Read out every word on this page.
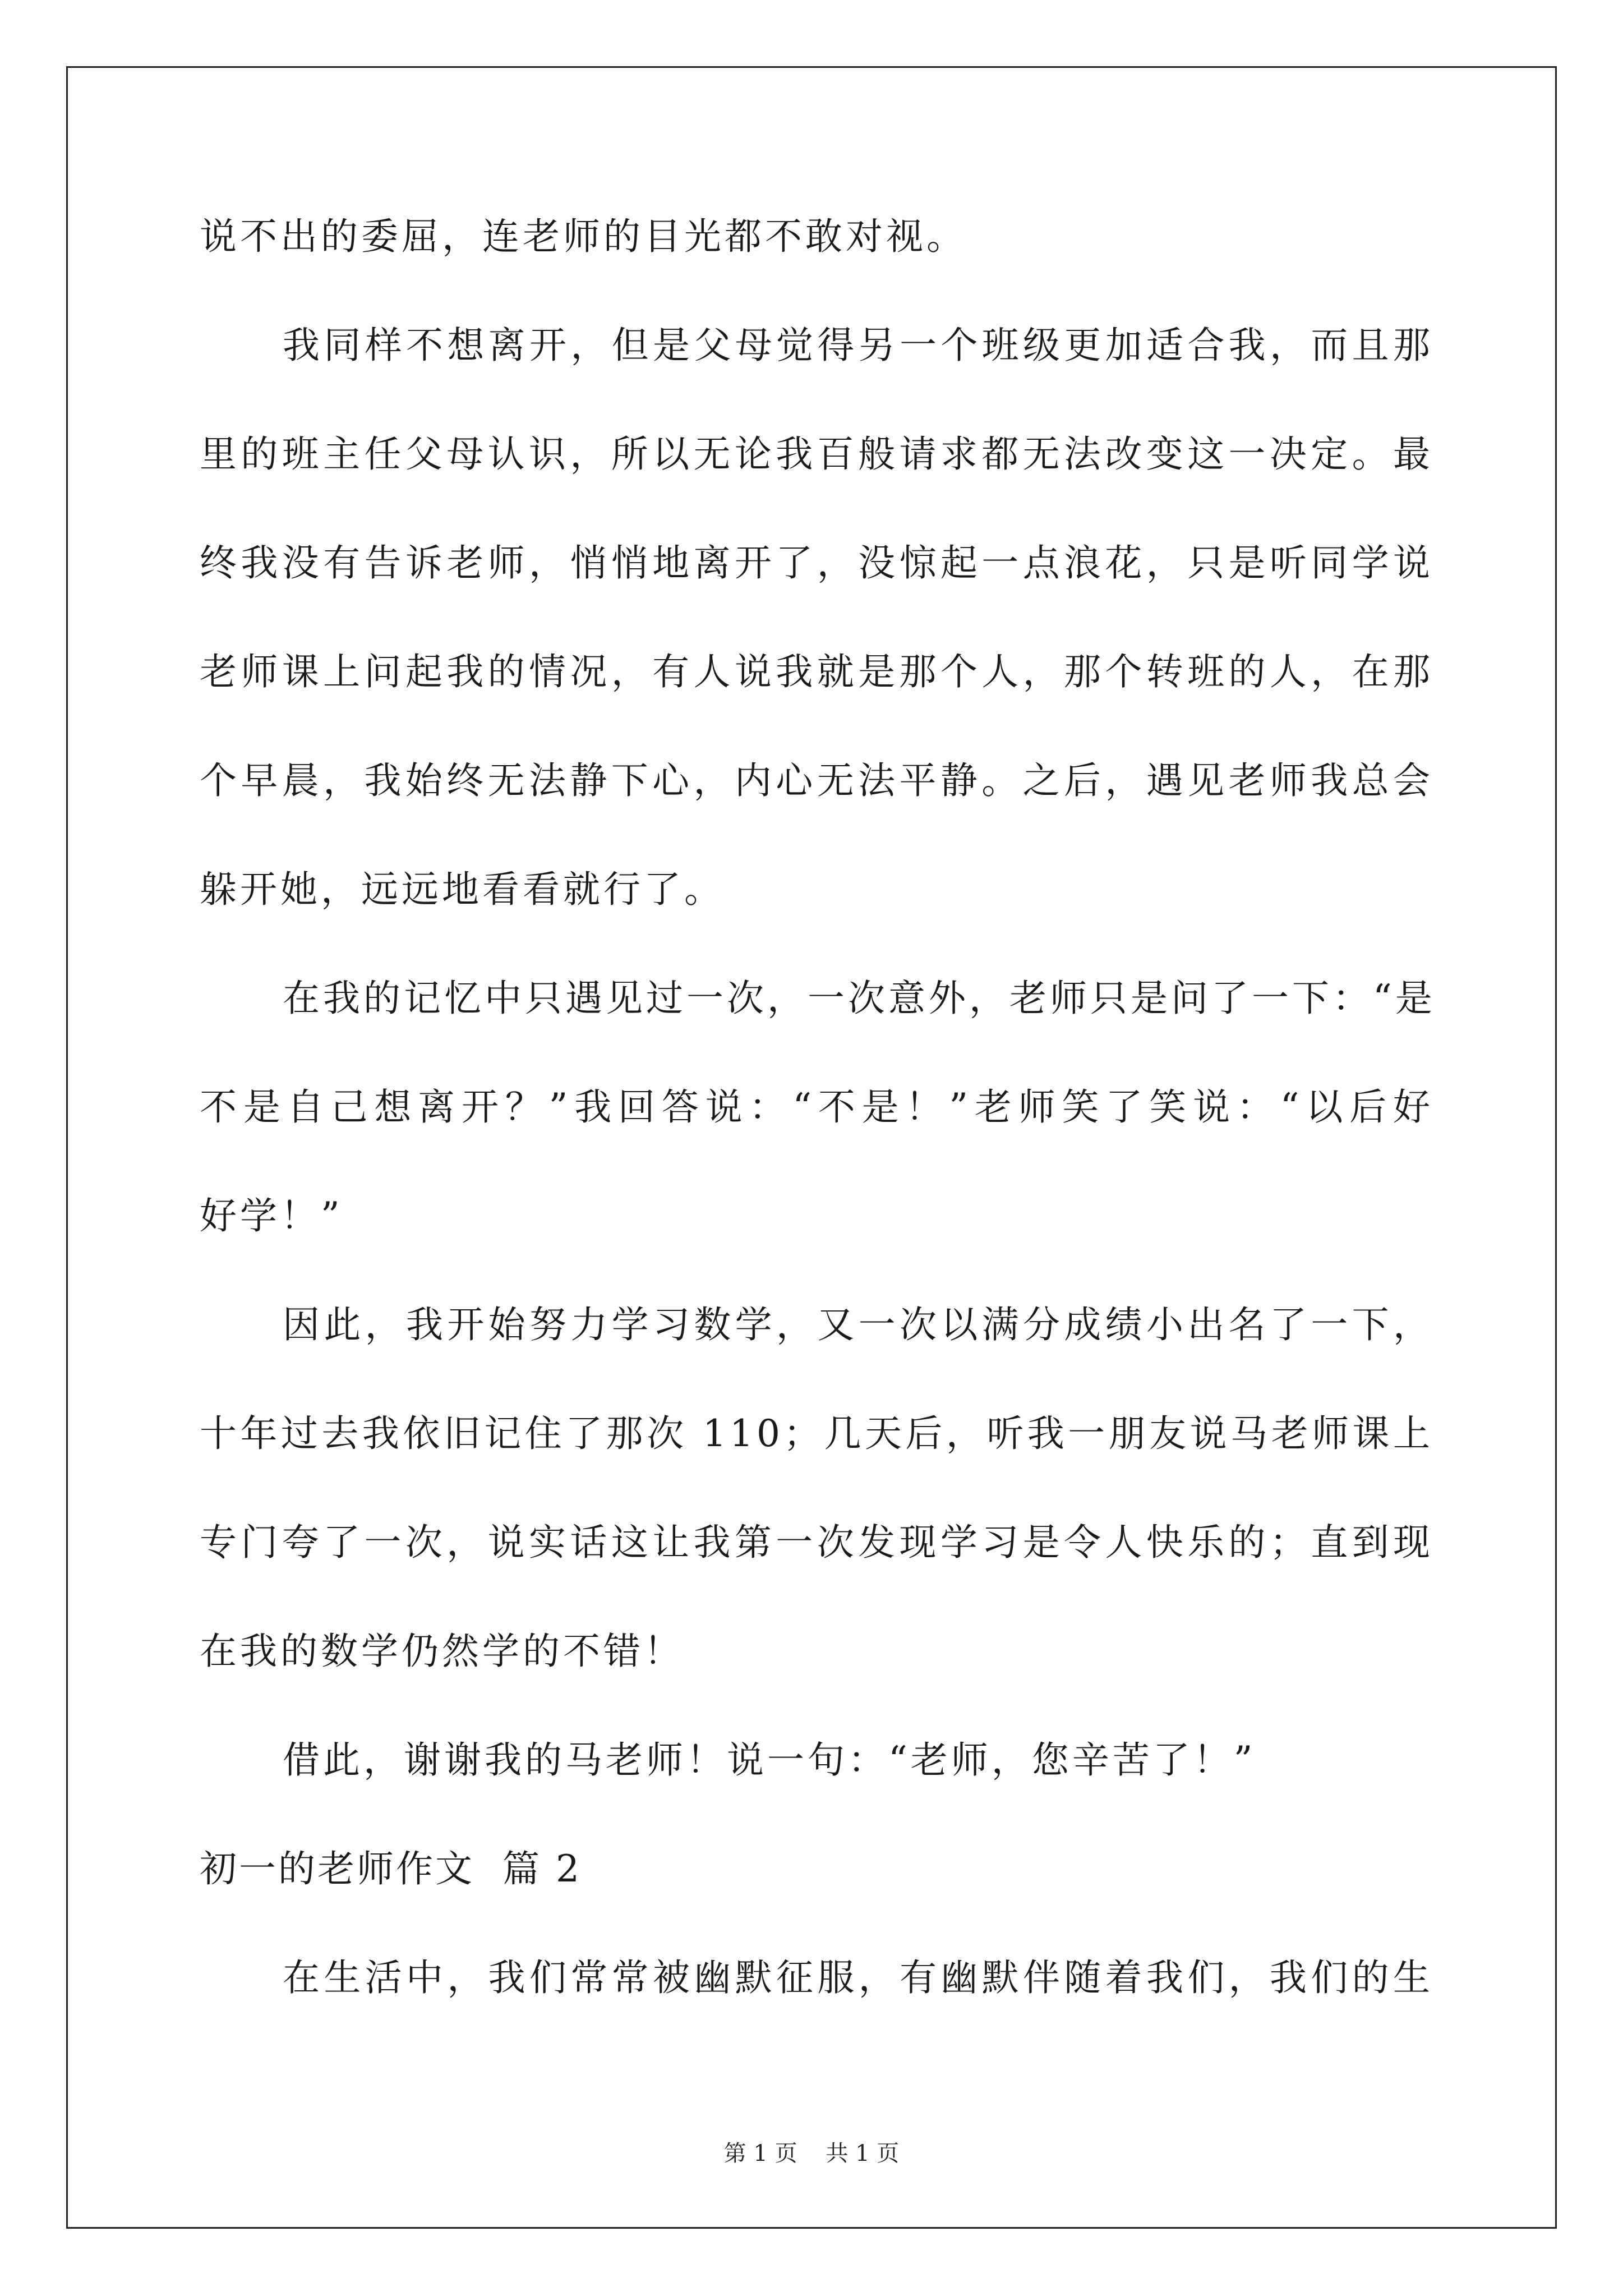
说不出的委屈，连老师的目光都不敢对视。
我同样不想离开，但是父母觉得另一个班级更加适合我，而且那
里的班主任父母认识，所以无论我百般请求都无法改变这一决定。最
终我没有告诉老师，悄悄地离开了，没惊起一点浪花，只是听同学说
老师课上问起我的情况，有人说我就是那个人，那个转班的人，在那
个早晨，我始终无法静下心，内心无法平静。之后，遇见老师我总会
躲开她，远远地看看就行了。
在我的记忆中只遇见过一次，一次意外，老师只是问了一下：“是
不是自己想离开？”我回答说：“不是！”老师笑了笑说：“以后好
好学！”
因此，我开始努力学习数学，又一次以满分成绩小出名了一下，
十年过去我依旧记住了那次 110；几天后，听我一朋友说马老师课上
专门夸了一次，说实话这让我第一次发现学习是令人快乐的；直到现
在我的数学仍然学的不错！
借此，谢谢我的马老师！说一句：“老师，您辛苦了！”
初一的老师作文  篇 2
在生活中，我们常常被幽默征服，有幽默伴随着我们，我们的生
第 1 页    共 1 页
